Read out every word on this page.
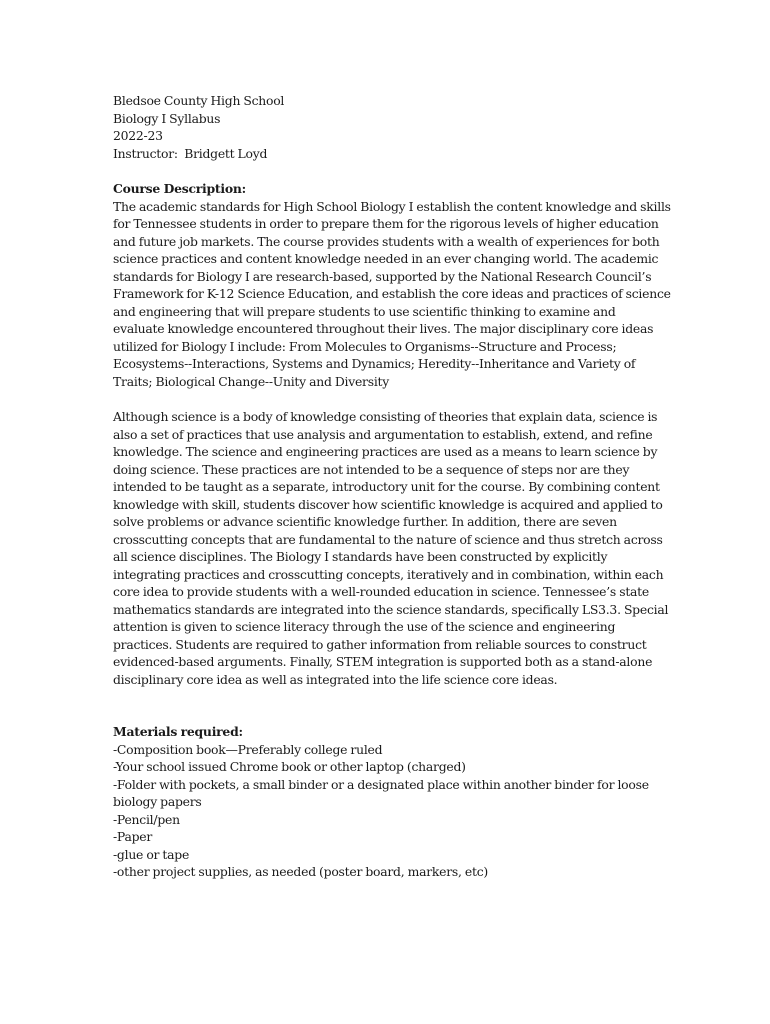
Bledsoe County High School
Biology I Syllabus
2022-23
Instructor:  Bridgett Loyd
Course Description:
The academic standards for High School Biology I establish the content knowledge and skills
for Tennessee students in order to prepare them for the rigorous levels of higher education
and future job markets. The course provides students with a wealth of experiences for both
science practices and content knowledge needed in an ever changing world. The academic
standards for Biology I are research-based, supported by the National Research Council’s
Framework for K-12 Science Education, and establish the core ideas and practices of science
and engineering that will prepare students to use scientific thinking to examine and
evaluate knowledge encountered throughout their lives. The major disciplinary core ideas
utilized for Biology I include: From Molecules to Organisms--Structure and Process;
Ecosystems--Interactions, Systems and Dynamics; Heredity--Inheritance and Variety of
Traits; Biological Change--Unity and Diversity
Although science is a body of knowledge consisting of theories that explain data, science is
also a set of practices that use analysis and argumentation to establish, extend, and refine
knowledge. The science and engineering practices are used as a means to learn science by
doing science. These practices are not intended to be a sequence of steps nor are they
intended to be taught as a separate, introductory unit for the course. By combining content
knowledge with skill, students discover how scientific knowledge is acquired and applied to
solve problems or advance scientific knowledge further. In addition, there are seven
crosscutting concepts that are fundamental to the nature of science and thus stretch across
all science disciplines. The Biology I standards have been constructed by explicitly
integrating practices and crosscutting concepts, iteratively and in combination, within each
core idea to provide students with a well-rounded education in science. Tennessee’s state
mathematics standards are integrated into the science standards, specifically LS3.3. Special
attention is given to science literacy through the use of the science and engineering
practices. Students are required to gather information from reliable sources to construct
evidenced-based arguments. Finally, STEM integration is supported both as a stand-alone
disciplinary core idea as well as integrated into the life science core ideas.
Materials required:
-Composition book—Preferably college ruled
-Your school issued Chrome book or other laptop (charged)
-Folder with pockets, a small binder or a designated place within another binder for loose
biology papers
-Pencil/pen
-Paper
-glue or tape
-other project supplies, as needed (poster board, markers, etc)
